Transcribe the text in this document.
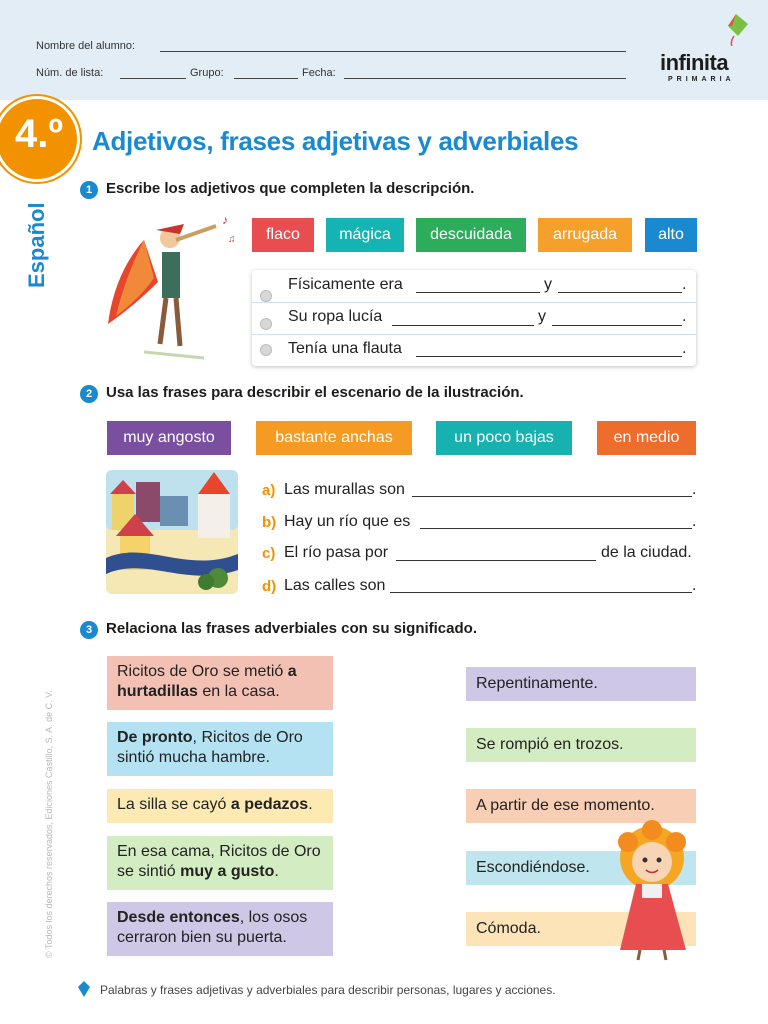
Nombre del alumno:
Núm. de lista:	Grupo:	Fecha:	infinita
PRIMARIA
4.º
Español
Adjetivos, frases adjetivas y adverbiales
1 Escribe los adjetivos que completen la descripción.
♪
♫	flaco	mágica	descuidada	arrugada	alto
Físicamente era	y	.
Su ropa lucía	y	.
Tenía una flauta	.
2 Usa las frases para describir el escenario de la ilustración.
muy angosto	bastante anchas	un poco bajas	en medio
a) Las murallas son	.
b) Hay un río que es	.
c) El río pasa por	de la ciudad.
d) Las calles son	.
3 Relaciona las frases adverbiales con su significado.
Ricitos de Oro se metió a hurtadillas en la casa.
De pronto, Ricitos de Oro sintió mucha hambre.
La silla se cayó a pedazos.
En esa cama, Ricitos de Oro se sintió muy a gusto.
Desde entonces, los osos cerraron bien su puerta.
Repentinamente.
Se rompió en trozos.
A partir de ese momento.
Escondiéndose.
Cómoda.
Palabras y frases adjetivas y adverbiales para describir personas, lugares y acciones.
© Todos los derechos reservados, Ediciones Castillo, S. A. de C. V.
